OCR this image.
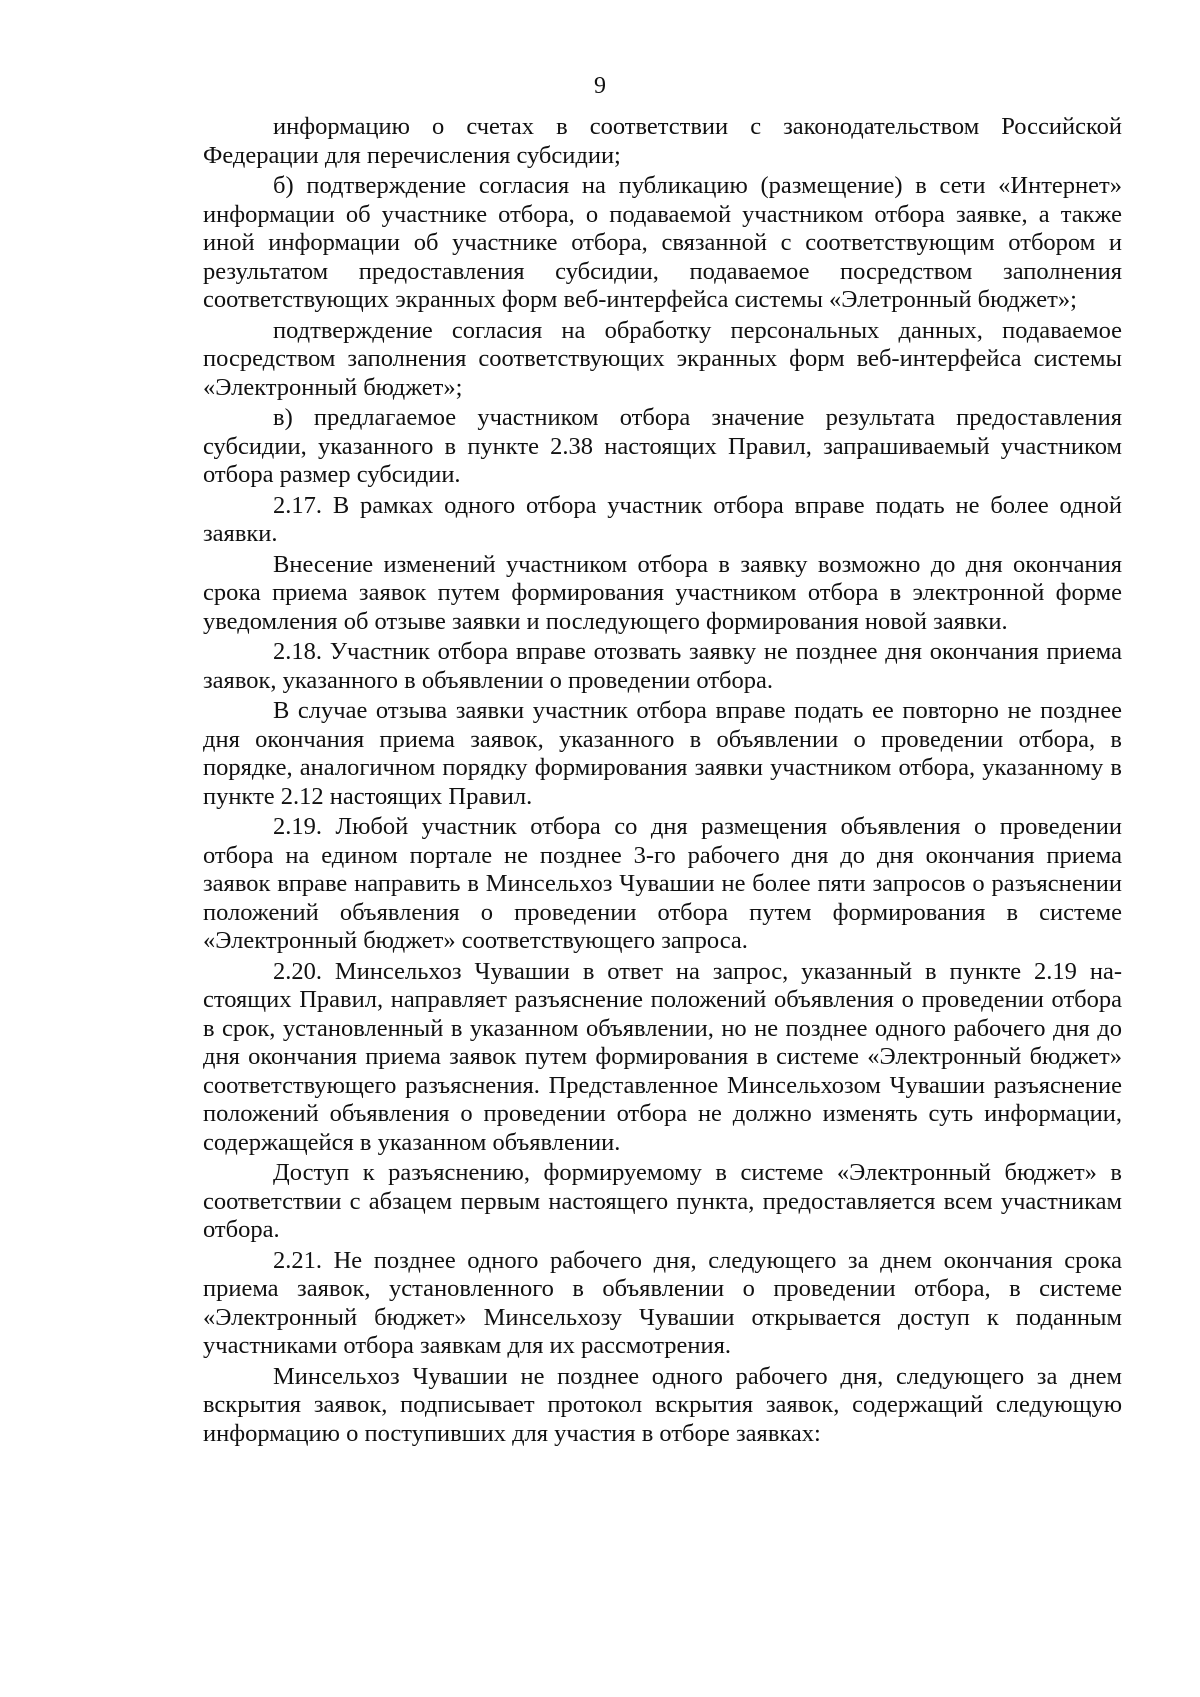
9

информацию о счетах в соответствии с законодательством Российской Федерации для перечисления субсидии;

б) подтверждение согласия на публикацию (размещение) в сети «Интернет» информации об участнике отбора, о подаваемой участником отбора заявке, а также иной информации об участнике отбора, связанной с соответствующим отбором и результатом предоставления субсидии, подаваемое посредством заполнения соответствующих экранных форм веб-интерфейса системы «Элетронный бюджет»;

подтверждение согласия на обработку персональных данных, подаваемое посредством заполнения соответствующих экранных форм веб-интерфейса системы «Электронный бюджет»;

в) предлагаемое участником отбора значение результата предоставления субсидии, указанного в пункте 2.38 настоящих Правил, запрашиваемый участником отбора размер субсидии.

2.17. В рамках одного отбора участник отбора вправе подать не более одной заявки.

Внесение изменений участником отбора в заявку возможно до дня окончания срока приема заявок путем формирования участником отбора в электронной форме уведомления об отзыве заявки и последующего формирования новой заявки.

2.18. Участник отбора вправе отозвать заявку не позднее дня окончания приема заявок, указанного в объявлении о проведении отбора.

В случае отзыва заявки участник отбора вправе подать ее повторно не позднее дня окончания приема заявок, указанного в объявлении о проведении отбора, в порядке, аналогичном порядку формирования заявки участником отбора, указанному в пункте 2.12 настоящих Правил.

2.19. Любой участник отбора со дня размещения объявления о проведении отбора на едином портале не позднее 3-го рабочего дня до дня окончания приема заявок вправе направить в Минсельхоз Чувашии не более пяти запросов о разъяснении положений объявления о проведении отбора путем формирования в системе «Электронный бюджет» соответствующего запроса.

2.20. Минсельхоз Чувашии в ответ на запрос, указанный в пункте 2.19 настоящих Правил, направляет разъяснение положений объявления о проведении отбора в срок, установленный в указанном объявлении, но не позднее одного рабочего дня до дня окончания приема заявок путем формирования в системе «Электронный бюджет» соответствующего разъяснения. Представленное Минсельхозом Чувашии разъяснение положений объявления о проведении отбора не должно изменять суть информации, содержащейся в указанном объявлении.

Доступ к разъяснению, формируемому в системе «Электронный бюджет» в соответствии с абзацем первым настоящего пункта, предоставляется всем участникам отбора.

2.21. Не позднее одного рабочего дня, следующего за днем окончания срока приема заявок, установленного в объявлении о проведении отбора, в системе «Электронный бюджет» Минсельхозу Чувашии открывается доступ к поданным участниками отбора заявкам для их рассмотрения.

Минсельхоз Чувашии не позднее одного рабочего дня, следующего за днем вскрытия заявок, подписывает протокол вскрытия заявок, содержащий следующую информацию о поступивших для участия в отборе заявках:
